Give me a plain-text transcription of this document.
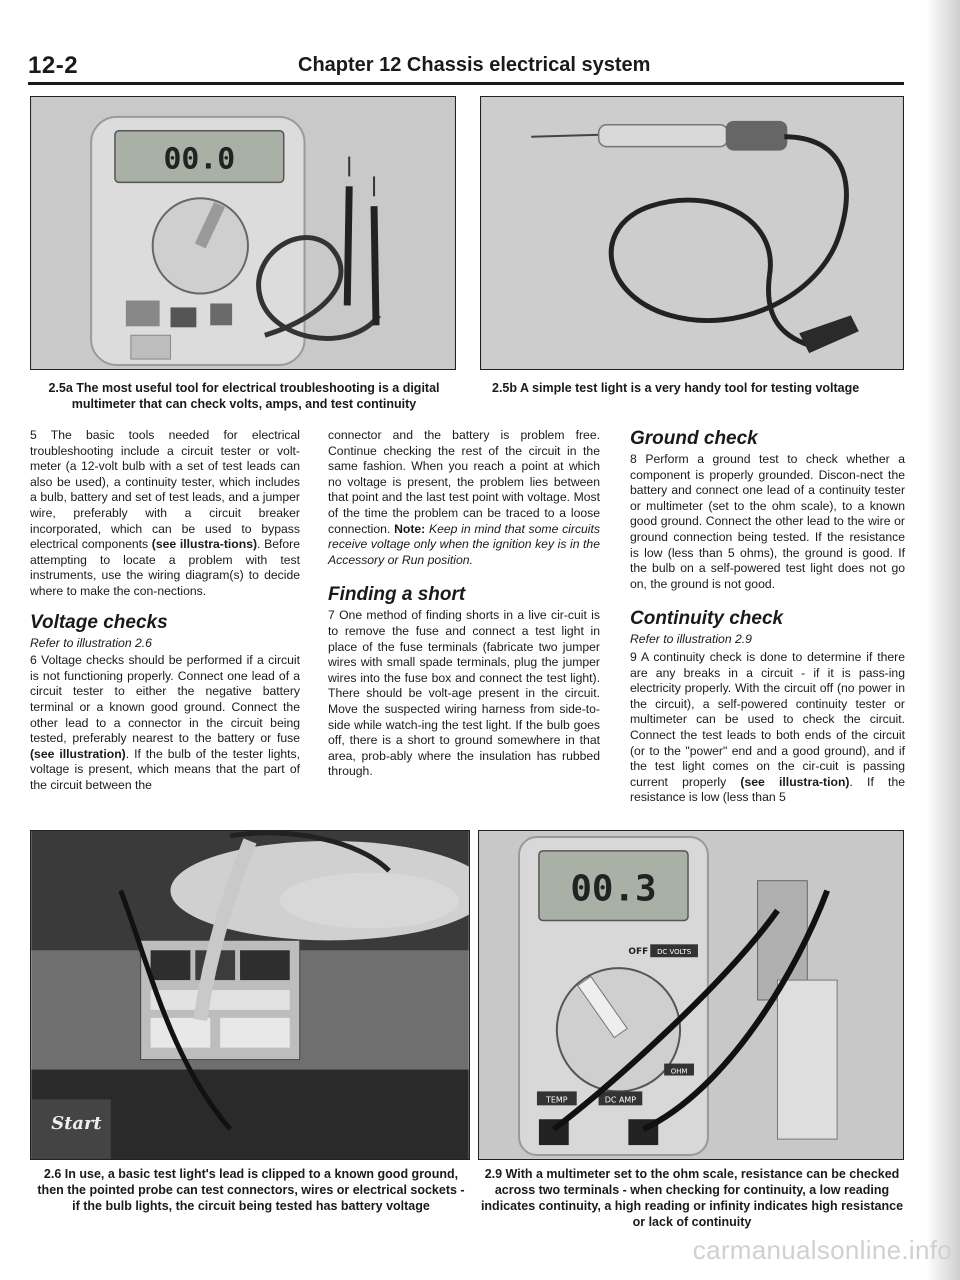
12-2	Chapter 12 Chassis electrical system
00.0
2.5a The most useful tool for electrical troubleshooting is a digital multimeter that can check volts, amps, and test continuity
2.5b A simple test light is a very handy tool for testing voltage

5 The basic tools needed for electrical troubleshooting include a circuit tester or volt-meter (a 12-volt bulb with a set of test leads can also be used), a continuity tester, which includes a bulb, battery and set of test leads, and a jumper wire, preferably with a circuit breaker incorporated, which can be used to bypass electrical components (see illustra-tions). Before attempting to locate a problem with test instruments, use the wiring diagram(s) to decide where to make the con-nections.

Voltage checks

Refer to illustration 2.6

6 Voltage checks should be performed if a circuit is not functioning properly. Connect one lead of a circuit tester to either the negative battery terminal or a known good ground. Connect the other lead to a connector in the circuit being tested, preferably nearest to the battery or fuse (see illustration). If the bulb of the tester lights, voltage is present, which means that the part of the circuit between the

connector and the battery is problem free. Continue checking the rest of the circuit in the same fashion. When you reach a point at which no voltage is present, the problem lies between that point and the last test point with voltage. Most of the time the problem can be traced to a loose connection. Note: Keep in mind that some circuits receive voltage only when the ignition key is in the Accessory or Run position.

Finding a short

7 One method of finding shorts in a live cir-cuit is to remove the fuse and connect a test light in place of the fuse terminals (fabricate two jumper wires with small spade terminals, plug the jumper wires into the fuse box and connect the test light). There should be volt-age present in the circuit. Move the suspected wiring harness from side-to-side while watch-ing the test light. If the bulb goes off, there is a short to ground somewhere in that area, prob-ably where the insulation has rubbed through.

Ground check

8 Perform a ground test to check whether a component is properly grounded. Discon-nect the battery and connect one lead of a continuity tester or multimeter (set to the ohm scale), to a known good ground. Connect the other lead to the wire or ground connection being tested. If the resistance is low (less than 5 ohms), the ground is good. If the bulb on a self-powered test light does not go on, the ground is not good.

Continuity check

Refer to illustration 2.9

9 A continuity check is done to determine if there are any breaks in a circuit - if it is pass-ing electricity properly. With the circuit off (no power in the circuit), a self-powered continuity tester or multimeter can be used to check the circuit. Connect the test leads to both ends of the circuit (or to the "power" end and a good ground), and if the test light comes on the cir-cuit is passing current properly (see illustra-tion). If the resistance is low (less than 5

Start
00.3
OFF DC VOLTS
TEMP	DC AMP
OHM
2.6 In use, a basic test light's lead is clipped to a known good ground, then the pointed probe can test connectors, wires or electrical sockets - if the bulb lights, the circuit being tested has battery voltage
2.9 With a multimeter set to the ohm scale, resistance can be checked across two terminals - when checking for continuity, a low reading indicates continuity, a high reading or infinity indicates high resistance or lack of continuity
carmanualsonline.info
